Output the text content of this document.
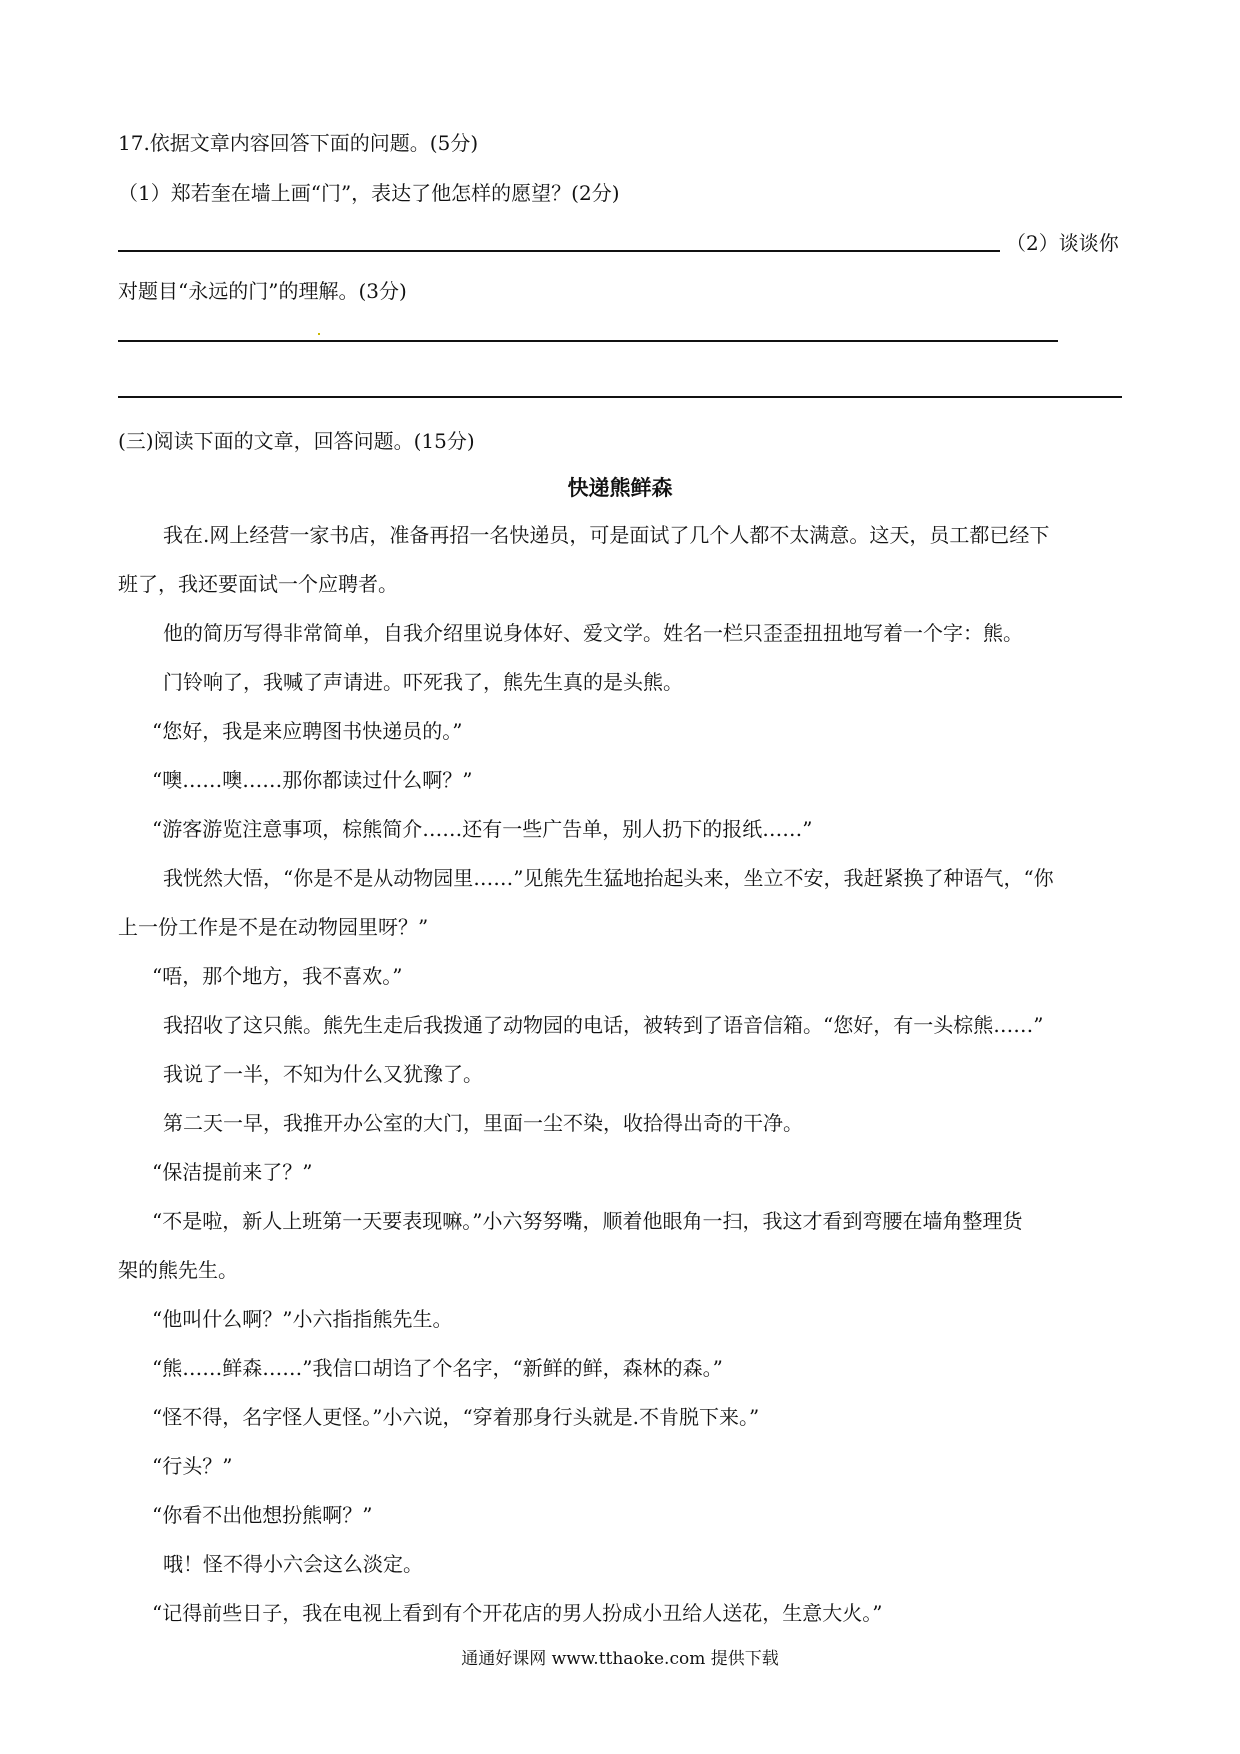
17.依据文章内容回答下面的问题。(5分)
（1）郑若奎在墙上画“门”，表达了他怎样的愿望？(2分)
（2）谈谈你
对题目“永远的门”的理解。(3分)
(三)阅读下面的文章，回答问题。(15分)
快递熊鲜森
我在.网上经营一家书店，准备再招一名快递员，可是面试了几个人都不太满意。这天，员工都已经下
班了，我还要面试一个应聘者。
他的简历写得非常简单，自我介绍里说身体好、爱文学。姓名一栏只歪歪扭扭地写着一个字：熊。
门铃响了，我喊了声请进。吓死我了，熊先生真的是头熊。
“您好，我是来应聘图书快递员的。”
“噢……噢……那你都读过什么啊？”
“游客游览注意事项，棕熊简介……还有一些广告单，别人扔下的报纸……”
我恍然大悟，“你是不是从动物园里……”见熊先生猛地抬起头来，坐立不安，我赶紧换了种语气，“你
上一份工作是不是在动物园里呀？”
“唔，那个地方，我不喜欢。”
我招收了这只熊。熊先生走后我拨通了动物园的电话，被转到了语音信箱。“您好，有一头棕熊……”
我说了一半，不知为什么又犹豫了。
第二天一早，我推开办公室的大门，里面一尘不染，收拾得出奇的干净。
“保洁提前来了？”
“不是啦，新人上班第一天要表现嘛。”小六努努嘴，顺着他眼角一扫，我这才看到弯腰在墙角整理货
架的熊先生。
“他叫什么啊？”小六指指熊先生。
“熊……鲜森……”我信口胡诌了个名字，“新鲜的鲜，森林的森。”
“怪不得，名字怪人更怪。”小六说，“穿着那身行头就是.不肯脱下来。”
“行头？”
“你看不出他想扮熊啊？”
哦！怪不得小六会这么淡定。
“记得前些日子，我在电视上看到有个开花店的男人扮成小丑给人送花，生意大火。”
通通好课网 www.tthaoke.com 提供下载
